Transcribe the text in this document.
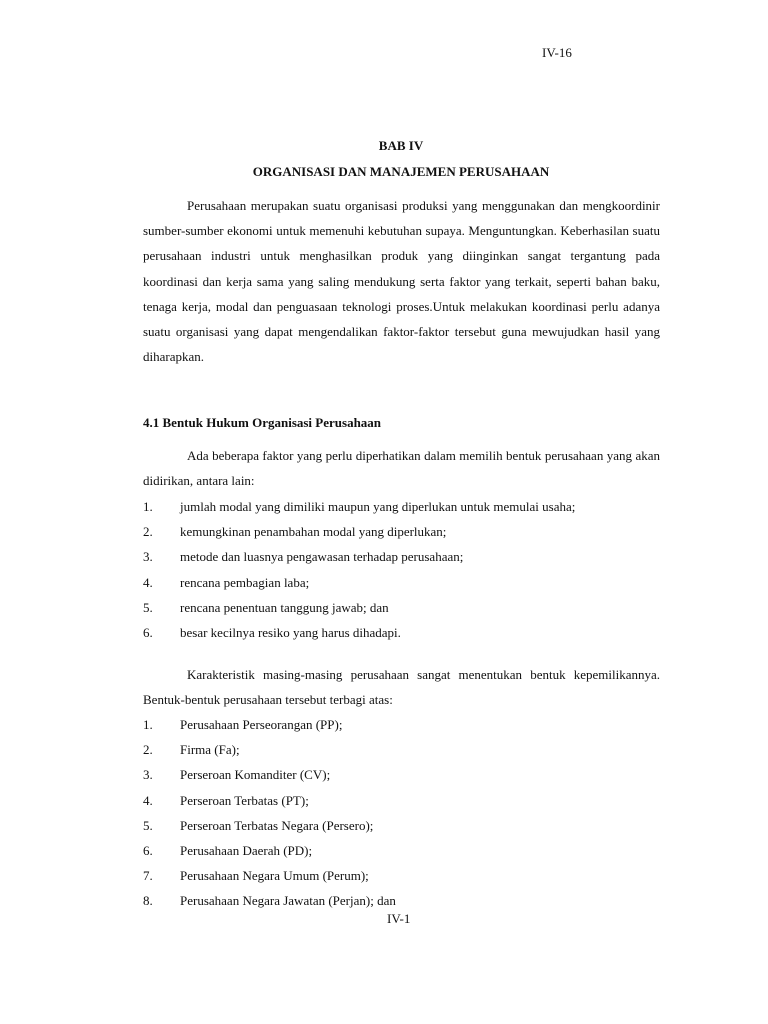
IV-16
BAB IV
ORGANISASI DAN MANAJEMEN PERUSAHAAN

Perusahaan merupakan suatu organisasi produksi yang menggunakan dan mengkoordinir sumber-sumber ekonomi untuk memenuhi kebutuhan supaya. Menguntungkan. Keberhasilan suatu perusahaan industri untuk menghasilkan produk yang diinginkan sangat tergantung pada koordinasi dan kerja sama yang saling mendukung serta faktor yang terkait, seperti bahan baku, tenaga kerja, modal dan penguasaan teknologi proses.Untuk melakukan koordinasi perlu adanya suatu organisasi yang dapat mengendalikan faktor-faktor tersebut guna mewujudkan hasil yang diharapkan.

4.1 Bentuk Hukum Organisasi Perusahaan

Ada beberapa faktor yang perlu diperhatikan dalam memilih bentuk perusahaan yang akan didirikan, antara lain:

1. jumlah modal yang dimiliki maupun yang diperlukan untuk memulai usaha;
2. kemungkinan penambahan modal yang diperlukan;
3. metode dan luasnya pengawasan terhadap perusahaan;
4. rencana pembagian laba;
5. rencana penentuan tanggung jawab; dan
6. besar kecilnya resiko yang harus dihadapi.

Karakteristik masing-masing perusahaan sangat menentukan bentuk kepemilikannya. Bentuk-bentuk perusahaan tersebut terbagi atas:

1. Perusahaan Perseorangan (PP);
2. Firma (Fa);
3. Perseroan Komanditer (CV);
4. Perseroan Terbatas (PT);
5. Perseroan Terbatas Negara (Persero);
6. Perusahaan Daerah (PD);
7. Perusahaan Negara Umum (Perum);
8. Perusahaan Negara Jawatan (Perjan); dan
IV-1
